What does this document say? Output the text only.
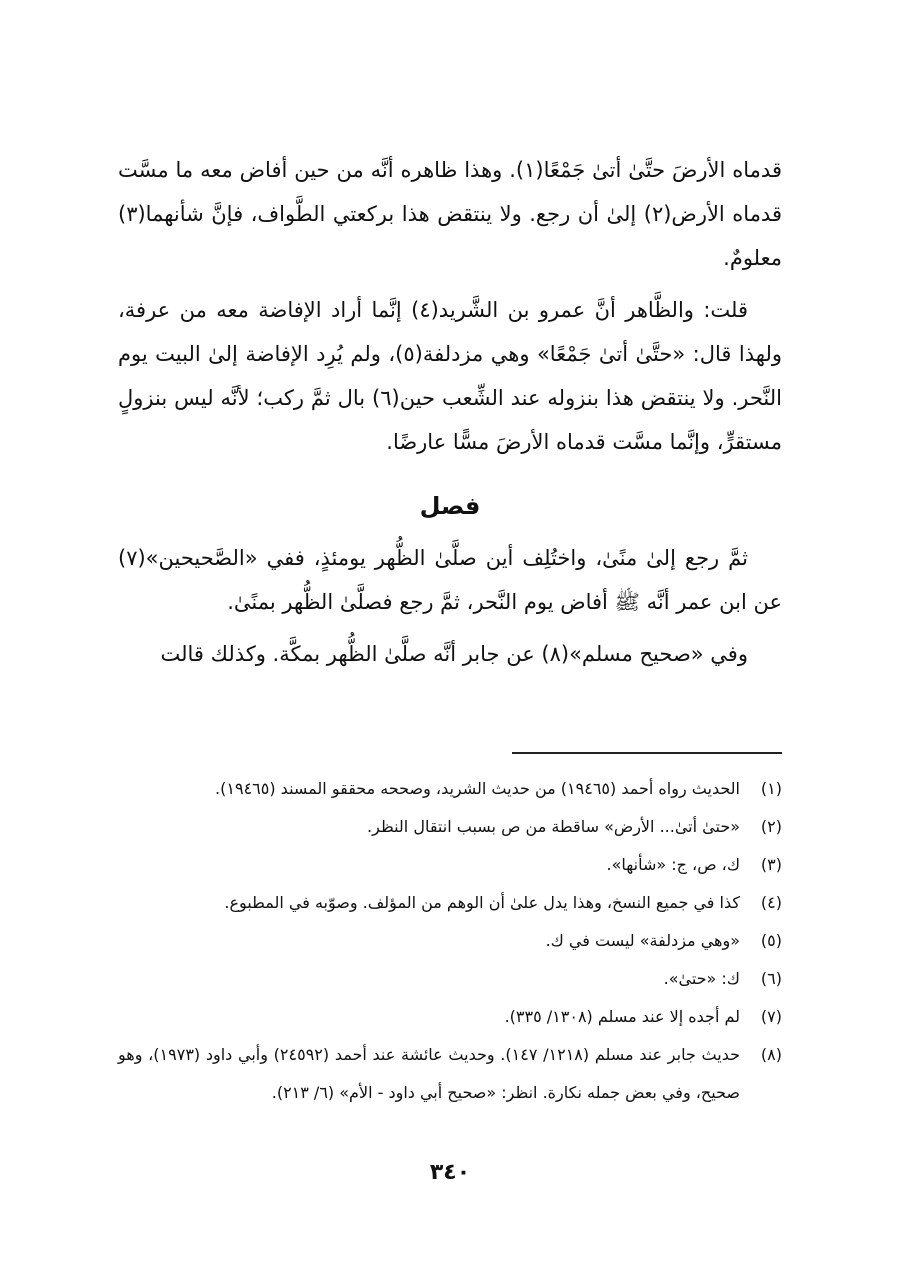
قدماه الأرضَ حتَّىٰ أتىٰ جَمْعًا(١). وهذا ظاهره أنَّه من حين أفاض معه ما مسَّت قدماه الأرض(٢) إلىٰ أن رجع. ولا ينتقض هذا بركعتي الطَّواف، فإنَّ شأنهما(٣) معلومٌ.

قلت: والظَّاهر أنَّ عمرو بن الشَّريد(٤) إنَّما أراد الإفاضة معه من عرفة، ولهذا قال: «حتَّىٰ أتىٰ جَمْعًا» وهي مزدلفة(٥)، ولم يُرِد الإفاضة إلىٰ البيت يوم النَّحر. ولا ينتقض هذا بنزوله عند الشِّعب حين(٦) بال ثمَّ ركب؛ لأنَّه ليس بنزولٍ مستقرٍّ، وإنَّما مسَّت قدماه الأرضَ مسًّا عارضًا.

فصل

ثمَّ رجع إلىٰ منًىٰ، واختُلِف أين صلَّىٰ الظُّهر يومئذٍ، ففي «الصَّحيحين»(٧) عن ابن عمر أنَّه ﷺ أفاض يوم النَّحر، ثمَّ رجع فصلَّىٰ الظُّهر بمنًىٰ.

وفي «صحيح مسلم»(٨) عن جابر أنَّه صلَّىٰ الظُّهر بمكَّة. وكذلك قالت

(١)
الحديث رواه أحمد (١٩٤٦٥) من حديث الشريد، وصححه محققو المسند (١٩٤٦٥).
(٢)
«حتىٰ أتىٰ... الأرض» ساقطة من ص بسبب انتقال النظر.
(٣)
ك، ص، ج: «شأنها».
(٤)
كذا في جميع النسخ، وهذا يدل علىٰ أن الوهم من المؤلف. وصوّبه في المطبوع.
(٥)
«وهي مزدلفة» ليست في ك.
(٦)
ك: «حتىٰ».
(٧)
لم أجده إلا عند مسلم (١٣٠٨/ ٣٣٥).
(٨)
حديث جابر عند مسلم (١٢١٨/ ١٤٧). وحديث عائشة عند أحمد (٢٤٥٩٢) وأبي داود (١٩٧٣)، وهو صحيح، وفي بعض جمله نكارة. انظر: «صحيح أبي داود - الأم» (٦/ ٢١٣).
٣٤٠
